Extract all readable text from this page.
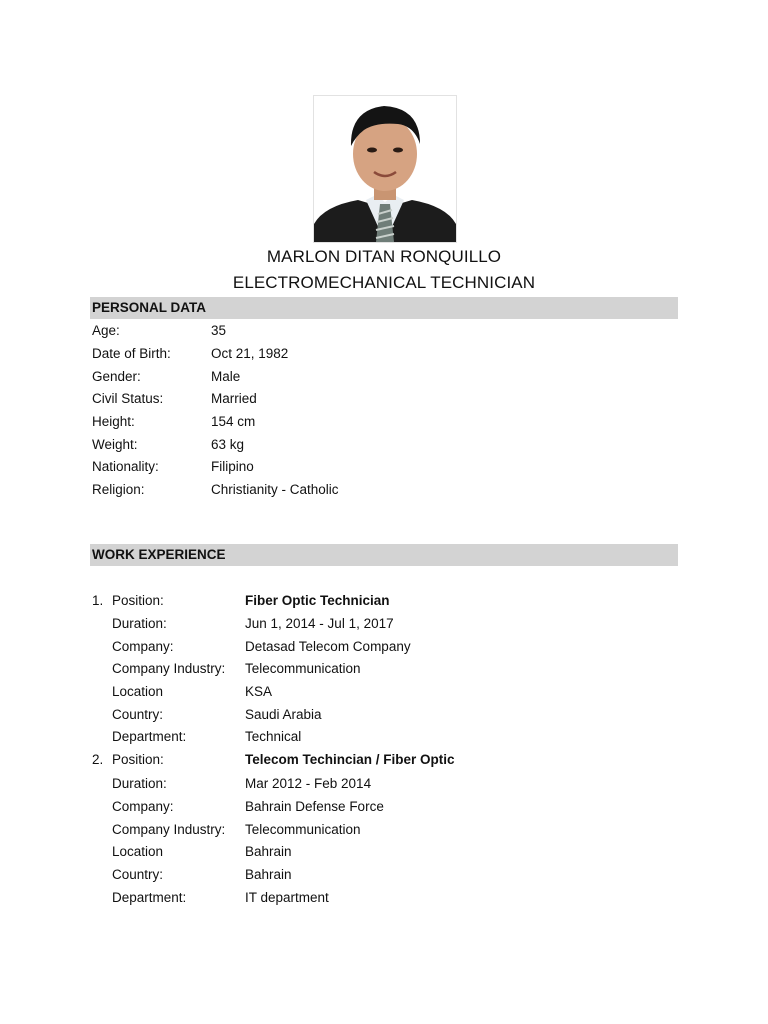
MARLON DITAN RONQUILLO
ELECTROMECHANICAL TECHNICIAN
PERSONAL DATA
Age:	35
Date of Birth:	Oct 21, 1982
Gender:	Male
Civil Status:	Married
Height:	154 cm
Weight:	63 kg
Nationality:	Filipino
Religion:	Christianity - Catholic
WORK EXPERIENCE
1. Position:	Fiber Optic Technician
Duration:	Jun 1, 2014 - Jul 1, 2017
Company:	Detasad Telecom Company
Company Industry: Telecommunication
Location	KSA
Country:	Saudi Arabia
Department:	Technical
2. Position:	Telecom Techincian / Fiber Optic
Duration:	Mar 2012 - Feb 2014
Company:	Bahrain Defense Force
Company Industry: Telecommunication
Location	Bahrain
Country:	Bahrain
Department:	IT department
